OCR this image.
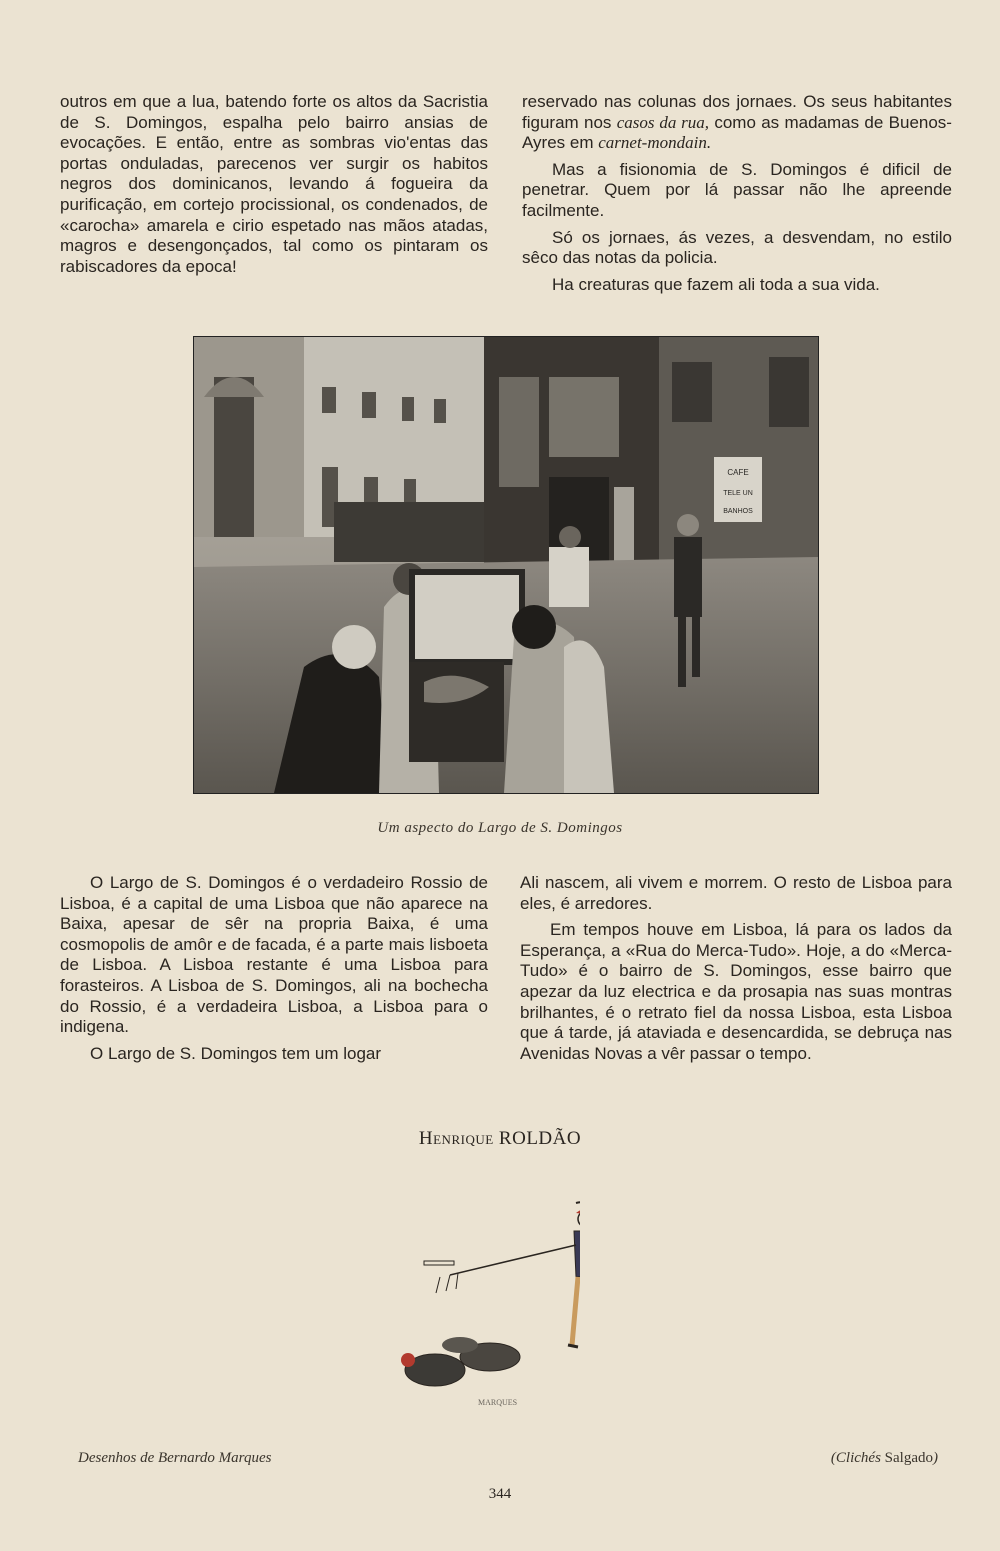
outros em que a lua, batendo forte os altos da Sacristia de S. Domingos, espalha pelo bairro ansias de evocações. E então, entre as sombras vio'entas das portas onduladas, parecenos ver surgir os habitos negros dos dominicanos, levando á fogueira da purificação, em cortejo procissional, os condenados, de «carocha» amarela e cirio espetado nas mãos atadas, magros e desengonçados, tal como os pintaram os rabiscadores da epoca!

reservado nas colunas dos jornaes. Os seus habitantes figuram nos casos da rua, como as madamas de Buenos-Ayres em carnet-mondain.

Mas a fisionomia de S. Domingos é dificil de penetrar. Quem por lá passar não lhe apreende facilmente.

Só os jornaes, ás vezes, a desvendam, no estilo sêco das notas da policia.

Ha creaturas que fazem ali toda a sua vida.

CAFE
TELE UN
BANHOS
Um aspecto do Largo de S. Domingos

O Largo de S. Domingos é o verdadeiro Rossio de Lisboa, é a capital de uma Lisboa que não aparece na Baixa, apesar de sêr na propria Baixa, é uma cosmopolis de amôr e de facada, é a parte mais lisboeta de Lisboa. A Lisboa restante é uma Lisboa para forasteiros. A Lisboa de S. Domingos, ali na bochecha do Rossio, é a verdadeira Lisboa, a Lisboa para o indigena.

O Largo de S. Domingos tem um logar

Ali nascem, ali vivem e morrem. O resto de Lisboa para eles, é arredores.

Em tempos houve em Lisboa, lá para os lados da Esperança, a «Rua do Merca-Tudo». Hoje, a do «Merca-Tudo» é o bairro de S. Domingos, esse bairro que apezar da luz electrica e da prosapia nas suas montras brilhantes, é o retrato fiel da nossa Lisboa, esta Lisboa que á tarde, já ataviada e desencardida, se debruça nas Avenidas Novas a vêr passar o tempo.

Henrique ROLDÃO
MARQUES
Desenhos de Bernardo Marques	(Clichés Salgado)
344
